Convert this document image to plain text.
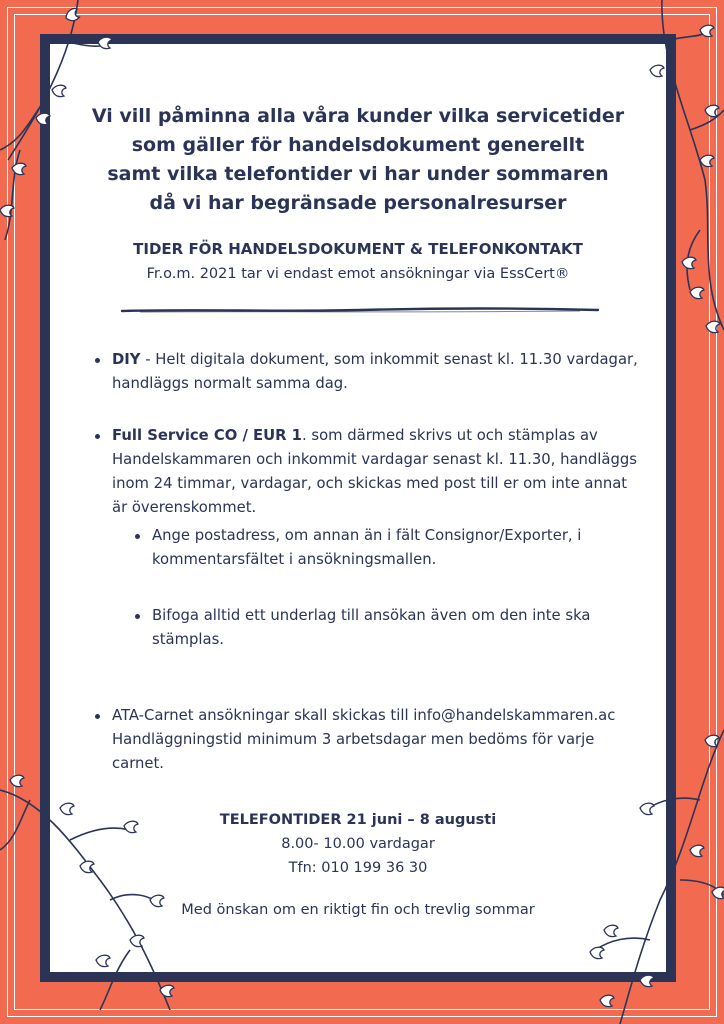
Vi vill påminna alla våra kunder vilka servicetider
som gäller för handelsdokument generellt
samt vilka telefontider vi har under sommaren
då vi har begränsade personalresurser
TIDER FÖR HANDELSDOKUMENT & TELEFONKONTAKT
Fr.o.m. 2021 tar vi endast emot ansökningar via EssCert®
DIY - Helt digitala dokument, som inkommit senast kl. 11.30 vardagar, handläggs normalt samma dag.
Full Service CO / EUR 1. som därmed skrivs ut och stämplas av Handelskammaren och inkommit vardagar senast kl. 11.30, handläggs inom 24 timmar, vardagar, och skickas med post till er om inte annat är överenskommet.
Ange postadress, om annan än i fält Consignor/Exporter, i kommentarsfältet i ansökningsmallen.
Bifoga alltid ett underlag till ansökan även om den inte ska stämplas.
ATA-Carnet ansökningar skall skickas till info@handelskammaren.ac Handläggningstid minimum 3 arbetsdagar men bedöms för varje carnet.
TELEFONTIDER 21 juni – 8 augusti
8.00- 10.00 vardagar
Tfn: 010 199 36 30
Med önskan om en riktigt fin och trevlig sommar
